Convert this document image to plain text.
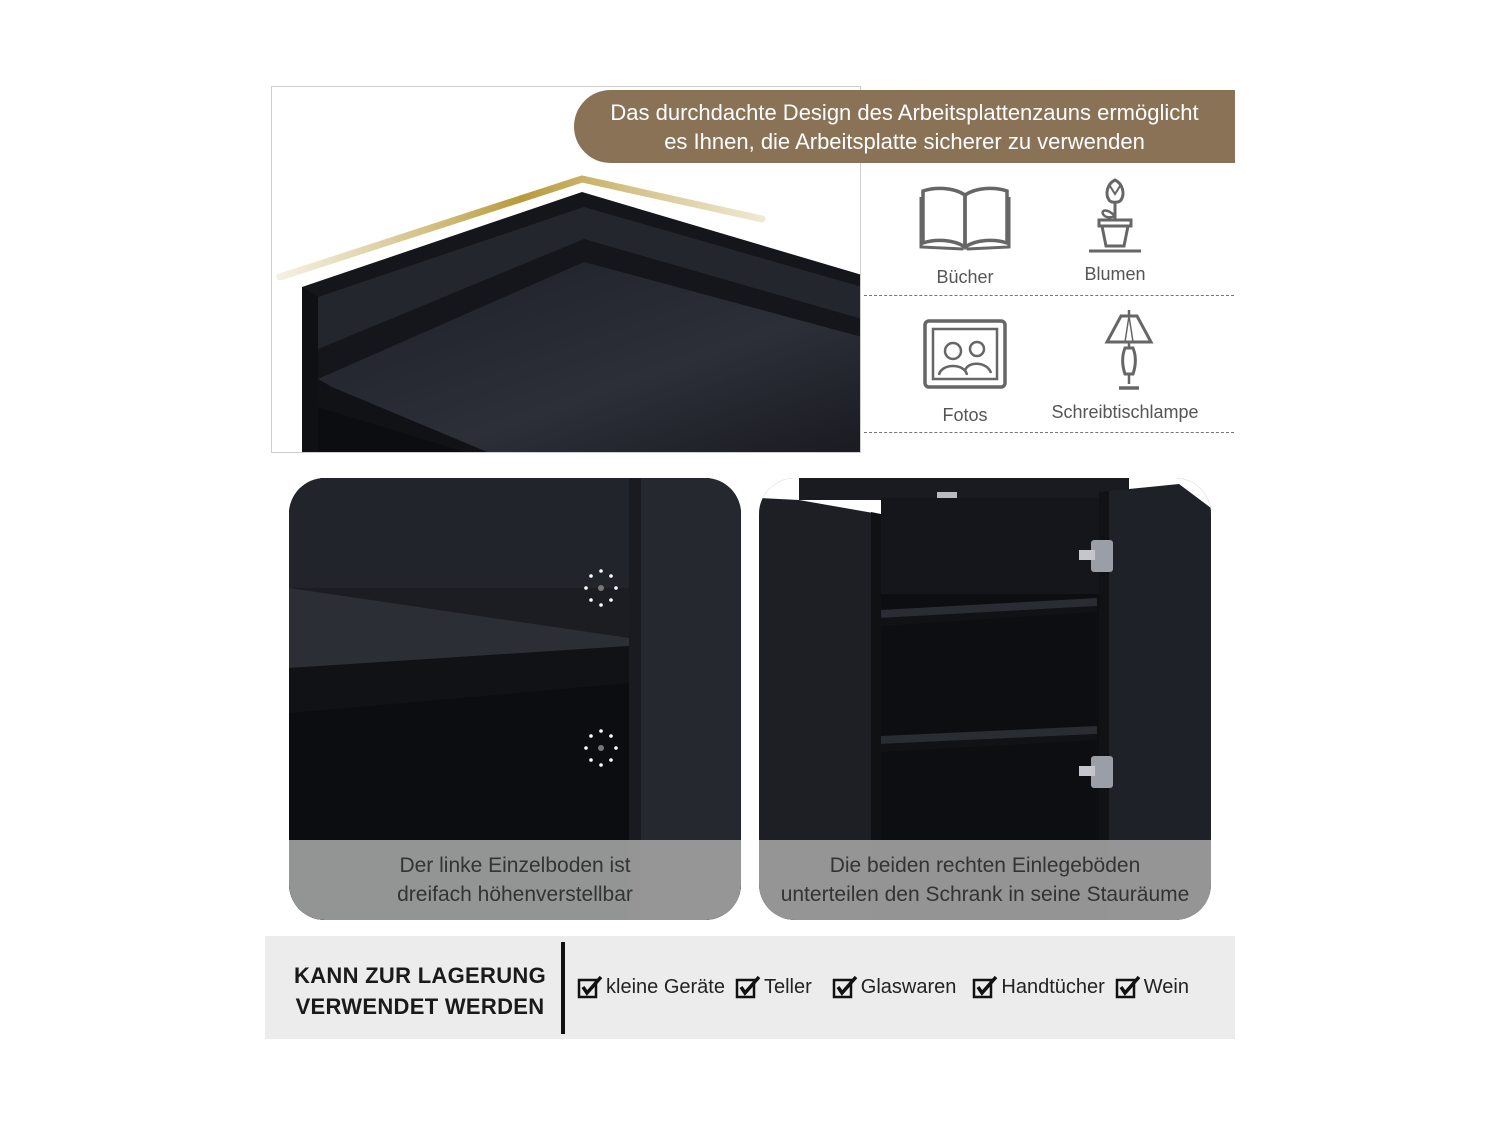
Das durchdachte Design des Arbeitsplattenzauns ermöglicht
es Ihnen, die Arbeitsplatte sicherer zu verwenden
Bücher	Blumen
Fotos	Schreibtischlampe
Der linke Einzelboden ist
dreifach höhenverstellbar
Die beiden rechten Einlegeböden
unterteilen den Schrank in seine Stauräume
KANN ZUR LAGERUNG
VERWENDET WERDEN
kleine Geräte Teller Glaswaren Handtücher Wein
